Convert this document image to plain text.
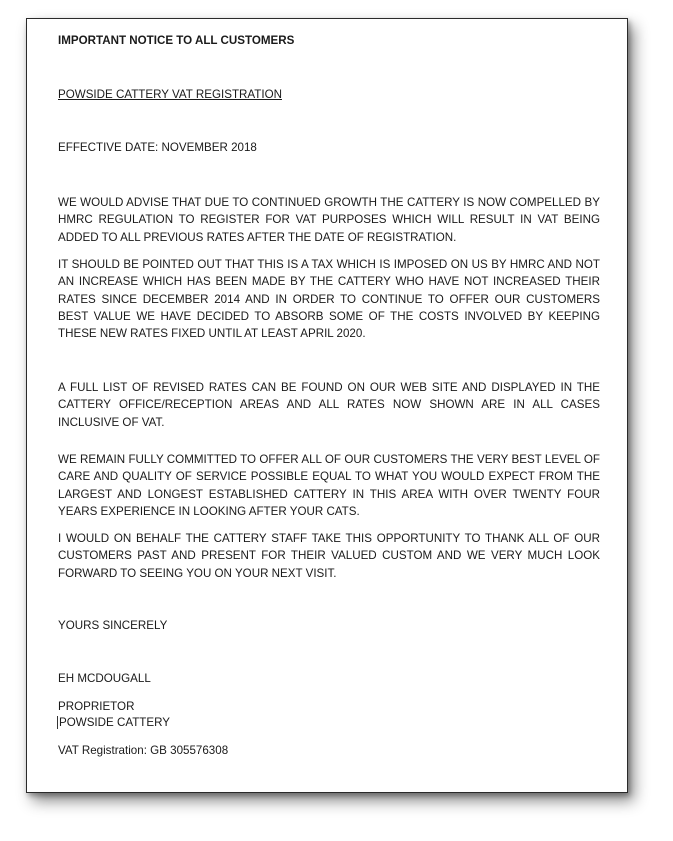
IMPORTANT NOTICE TO ALL CUSTOMERS

POWSIDE CATTERY VAT REGISTRATION

EFFECTIVE DATE: NOVEMBER 2018

WE WOULD ADVISE THAT DUE TO CONTINUED GROWTH THE CATTERY IS NOW COMPELLED BY HMRC REGULATION TO REGISTER FOR VAT PURPOSES WHICH WILL RESULT IN VAT BEING ADDED TO ALL PREVIOUS RATES AFTER THE DATE OF REGISTRATION.

IT SHOULD BE POINTED OUT THAT THIS IS A TAX WHICH IS IMPOSED ON US BY HMRC AND NOT AN INCREASE WHICH HAS BEEN MADE BY THE CATTERY WHO HAVE NOT INCREASED THEIR RATES SINCE DECEMBER 2014 AND IN ORDER TO CONTINUE TO OFFER OUR CUSTOMERS BEST VALUE WE HAVE DECIDED TO ABSORB SOME OF THE COSTS INVOLVED BY KEEPING THESE NEW RATES FIXED UNTIL AT LEAST APRIL 2020.

A FULL LIST OF REVISED RATES CAN BE FOUND ON OUR WEB SITE AND DISPLAYED IN THE CATTERY OFFICE/RECEPTION AREAS AND ALL RATES NOW SHOWN ARE IN ALL CASES INCLUSIVE OF VAT.

WE REMAIN FULLY COMMITTED TO OFFER ALL OF OUR CUSTOMERS THE VERY BEST LEVEL OF CARE AND QUALITY OF SERVICE POSSIBLE EQUAL TO WHAT YOU WOULD EXPECT FROM THE LARGEST AND LONGEST ESTABLISHED CATTERY IN THIS AREA WITH OVER TWENTY FOUR YEARS EXPERIENCE IN LOOKING AFTER YOUR CATS.

I WOULD ON BEHALF THE CATTERY STAFF TAKE THIS OPPORTUNITY TO THANK ALL OF OUR CUSTOMERS PAST AND PRESENT FOR THEIR VALUED CUSTOM AND WE VERY MUCH LOOK FORWARD TO SEEING YOU ON YOUR NEXT VISIT.

YOURS SINCERELY

EH MCDOUGALL

PROPRIETOR

POWSIDE CATTERY

VAT Registration: GB 305576308
